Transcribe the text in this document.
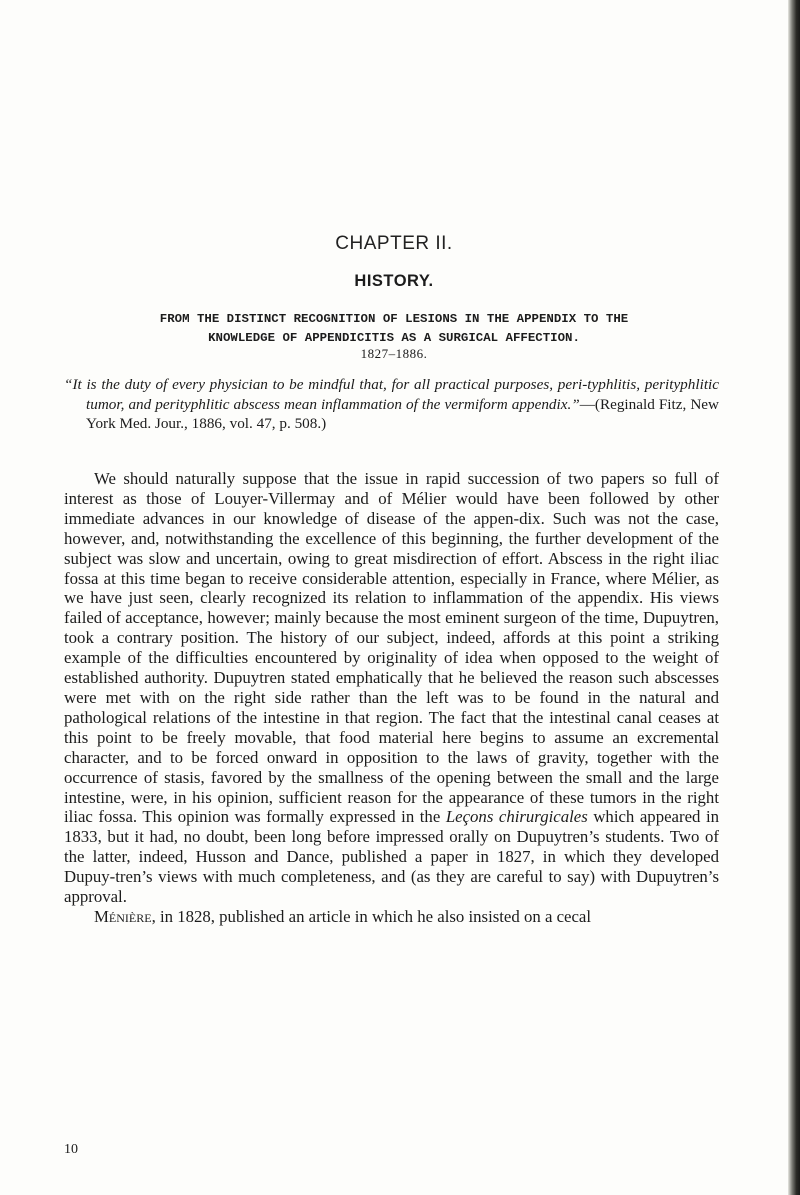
CHAPTER II.
HISTORY.
FROM THE DISTINCT RECOGNITION OF LESIONS IN THE APPENDIX TO THE
KNOWLEDGE OF APPENDICITIS AS A SURGICAL AFFECTION.
1827–1886.
“It is the duty of every physician to be mindful that, for all practical purposes, peri-typhlitis, perityphlitic tumor, and perityphlitic abscess mean inflammation of the vermiform appendix.”—(Reginald Fitz, New York Med. Jour., 1886, vol. 47, p. 508.)

We should naturally suppose that the issue in rapid succession of two papers so full of interest as those of Louyer-Villermay and of Mélier would have been followed by other immediate advances in our knowledge of disease of the appen-dix. Such was not the case, however, and, notwithstanding the excellence of this beginning, the further development of the subject was slow and uncertain, owing to great misdirection of effort. Abscess in the right iliac fossa at this time began to receive considerable attention, especially in France, where Mélier, as we have just seen, clearly recognized its relation to inflammation of the appendix. His views failed of acceptance, however; mainly because the most eminent surgeon of the time, Dupuytren, took a contrary position. The history of our subject, indeed, affords at this point a striking example of the difficulties encountered by originality of idea when opposed to the weight of established authority. Dupuytren stated emphatically that he believed the reason such abscesses were met with on the right side rather than the left was to be found in the natural and pathological relations of the intestine in that region. The fact that the intestinal canal ceases at this point to be freely movable, that food material here begins to assume an excremental character, and to be forced onward in opposition to the laws of gravity, together with the occurrence of stasis, favored by the smallness of the opening between the small and the large intestine, were, in his opinion, sufficient reason for the appearance of these tumors in the right iliac fossa. This opinion was formally expressed in the Leçons chirurgicales which appeared in 1833, but it had, no doubt, been long before impressed orally on Dupuytren’s students. Two of the latter, indeed, Husson and Dance, published a paper in 1827, in which they developed Dupuy-tren’s views with much completeness, and (as they are careful to say) with Dupuytren’s approval.

Ménière, in 1828, published an article in which he also insisted on a cecal

10
